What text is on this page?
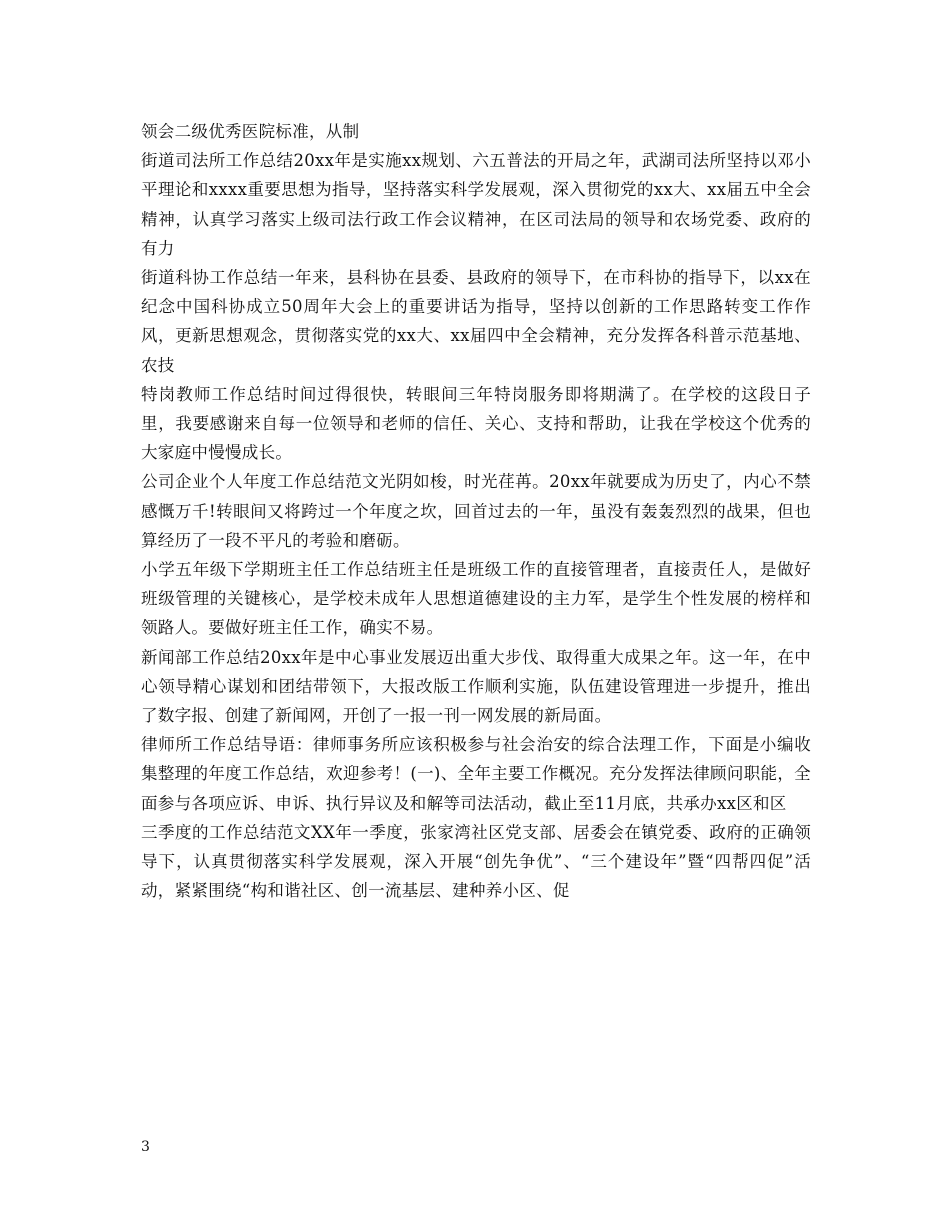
领会二级优秀医院标准，从制

街道司法所工作总结20xx年是实施xx规划、六五普法的开局之年，武湖司法所坚持以邓小平理论和xxxx重要思想为指导，坚持落实科学发展观，深入贯彻党的xx大、xx届五中全会精神，认真学习落实上级司法行政工作会议精神，在区司法局的领导和农场党委、政府的有力

街道科协工作总结一年来，县科协在县委、县政府的领导下，在市科协的指导下，以xx在纪念中国科协成立50周年大会上的重要讲话为指导，坚持以创新的工作思路转变工作作风，更新思想观念，贯彻落实党的xx大、xx届四中全会精神，充分发挥各科普示范基地、农技

特岗教师工作总结时间过得很快，转眼间三年特岗服务即将期满了。在学校的这段日子里，我要感谢来自每一位领导和老师的信任、关心、支持和帮助，让我在学校这个优秀的大家庭中慢慢成长。

公司企业个人年度工作总结范文光阴如梭，时光荏苒。20xx年就要成为历史了，内心不禁感慨万千!转眼间又将跨过一个年度之坎，回首过去的一年，虽没有轰轰烈烈的战果，但也算经历了一段不平凡的考验和磨砺。

小学五年级下学期班主任工作总结班主任是班级工作的直接管理者，直接责任人，是做好班级管理的关键核心，是学校未成年人思想道德建设的主力军，是学生个性发展的榜样和领路人。要做好班主任工作，确实不易。

新闻部工作总结20xx年是中心事业发展迈出重大步伐、取得重大成果之年。这一年，在中心领导精心谋划和团结带领下，大报改版工作顺利实施，队伍建设管理进一步提升，推出了数字报、创建了新闻网，开创了一报一刊一网发展的新局面。

律师所工作总结导语：律师事务所应该积极参与社会治安的综合法理工作，下面是小编收集整理的年度工作总结，欢迎参考！(一)、全年主要工作概况。充分发挥法律顾问职能，全面参与各项应诉、申诉、执行异议及和解等司法活动，截止至11月底，共承办xx区和区

三季度的工作总结范文XX年一季度，张家湾社区党支部、居委会在镇党委、政府的正确领导下，认真贯彻落实科学发展观，深入开展“创先争优”、“三个建设年”暨“四帮四促”活动，紧紧围绕“构和谐社区、创一流基层、建种养小区、促

3
